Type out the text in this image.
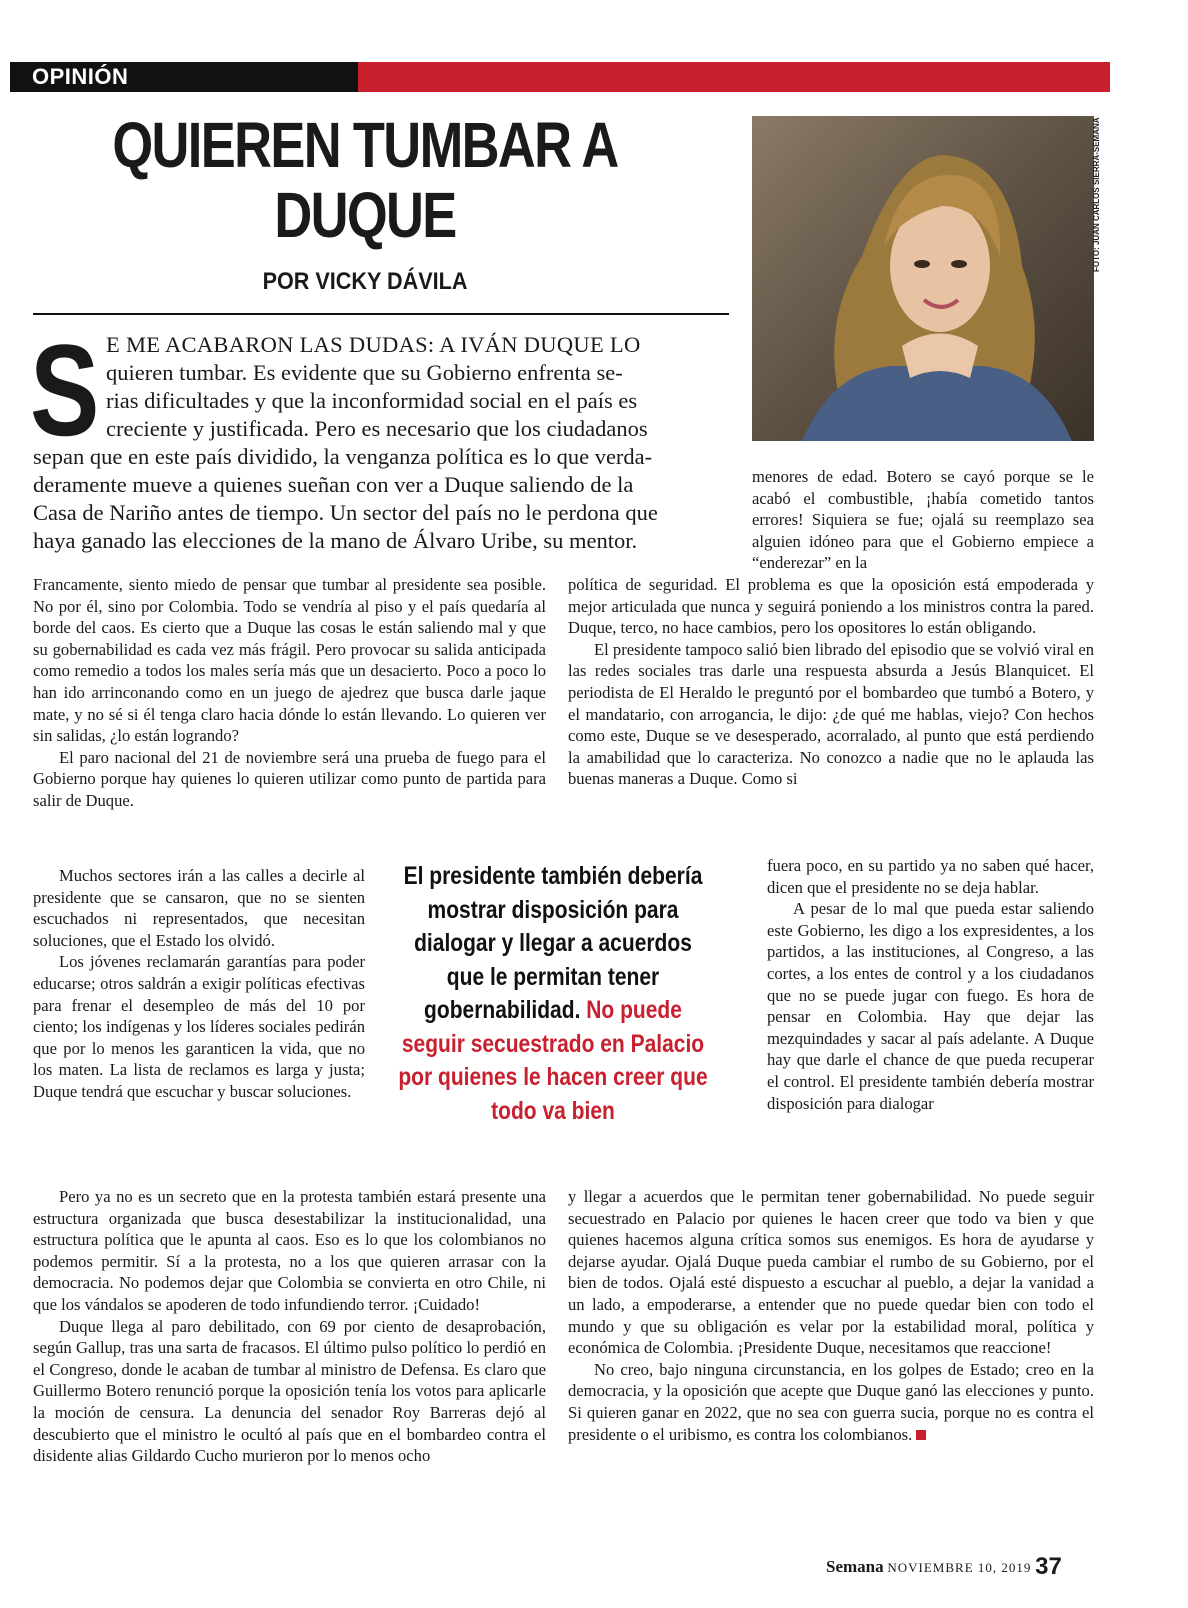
OPINIÓN
QUIEREN TUMBAR A DUQUE
POR VICKY DÁVILA
FOTO: JUAN CARLOS SIERRA-SEMANA
S E ME ACABARON LAS DUDAS: A IVÁN DUQUE LO
quieren tumbar. Es evidente que su Gobierno enfrenta se-
rias dificultades y que la inconformidad social en el país es
creciente y justificada. Pero es necesario que los ciudadanos
sepan que en este país dividido, la venganza política es lo que verda-
deramente mueve a quienes sueñan con ver a Duque saliendo de la
Casa de Nariño antes de tiempo. Un sector del país no le perdona que
haya ganado las elecciones de la mano de Álvaro Uribe, su mentor.

Francamente, siento miedo de pensar que tumbar al presidente sea posible. No por él, sino por Colombia. Todo se vendría al piso y el país quedaría al borde del caos. Es cierto que a Duque las cosas le están saliendo mal y que su gobernabilidad es cada vez más frágil. Pero provocar su salida anticipada como remedio a todos los males sería más que un desacierto. Poco a poco lo han ido arrinconando como en un juego de ajedrez que busca darle jaque mate, y no sé si él tenga claro hacia dónde lo están llevando. Lo quieren ver sin salidas, ¿lo están logrando?

El paro nacional del 21 de noviembre será una prueba de fuego para el Gobierno porque hay quienes lo quieren utilizar como punto de partida para salir de Duque.

Muchos sectores irán a las calles a decirle al presidente que se cansaron, que no se sienten escuchados ni representados, que necesitan soluciones, que el Estado los olvidó.

Los jóvenes reclamarán garantías para poder educarse; otros saldrán a exigir políticas efectivas para frenar el desempleo de más del 10 por ciento; los indígenas y los líderes sociales pedirán que por lo menos les garanticen la vida, que no los maten. La lista de reclamos es larga y justa; Duque tendrá que escuchar y buscar soluciones.

Pero ya no es un secreto que en la protesta también estará presente una estructura organizada que busca desestabilizar la institucionalidad, una estructura política que le apunta al caos. Eso es lo que los colombianos no podemos permitir. Sí a la protesta, no a los que quieren arrasar con la democracia. No podemos dejar que Colombia se convierta en otro Chile, ni que los vándalos se apoderen de todo infundiendo terror. ¡Cuidado!

Duque llega al paro debilitado, con 69 por ciento de desaprobación, según Gallup, tras una sarta de fracasos. El último pulso político lo perdió en el Congreso, donde le acaban de tumbar al ministro de Defensa. Es claro que Guillermo Botero renunció porque la oposición tenía los votos para aplicarle la moción de censura. La denuncia del senador Roy Barreras dejó al descubierto que el ministro le ocultó al país que en el bombardeo contra el disidente alias Gildardo Cucho murieron por lo menos ocho

El presidente también debería mostrar disposición para dialogar y llegar a acuerdos que le permitan tener gobernabilidad. No puede seguir secuestrado en Palacio por quienes le hacen creer que todo va bien

menores de edad. Botero se cayó porque se le acabó el combustible, ¡había cometido tantos errores! Siquiera se fue; ojalá su reemplazo sea alguien idóneo para que el Gobierno empiece a “enderezar” en la

política de seguridad. El problema es que la oposición está empoderada y mejor articulada que nunca y seguirá poniendo a los ministros contra la pared. Duque, terco, no hace cambios, pero los opositores lo están obligando.

El presidente tampoco salió bien librado del episodio que se volvió viral en las redes sociales tras darle una respuesta absurda a Jesús Blanquicet. El periodista de El Heraldo le preguntó por el bombardeo que tumbó a Botero, y el mandatario, con arrogancia, le dijo: ¿de qué me hablas, viejo? Con hechos como este, Duque se ve desesperado, acorralado, al punto que está perdiendo la amabilidad que lo caracteriza. No conozco a nadie que no le aplauda las buenas maneras a Duque. Como si

fuera poco, en su partido ya no saben qué hacer, dicen que el presidente no se deja hablar.

A pesar de lo mal que pueda estar saliendo este Gobierno, les digo a los expresidentes, a los partidos, a las instituciones, al Congreso, a las cortes, a los entes de control y a los ciudadanos que no se puede jugar con fuego. Es hora de pensar en Colombia. Hay que dejar las mezquindades y sacar al país adelante. A Duque hay que darle el chance de que pueda recuperar el control. El presidente también debería mostrar disposición para dialogar

y llegar a acuerdos que le permitan tener gobernabilidad. No puede seguir secuestrado en Palacio por quienes le hacen creer que todo va bien y que quienes hacemos alguna crítica somos sus enemigos. Es hora de ayudarse y dejarse ayudar. Ojalá Duque pueda cambiar el rumbo de su Gobierno, por el bien de todos. Ojalá esté dispuesto a escuchar al pueblo, a dejar la vanidad a un lado, a empoderarse, a entender que no puede quedar bien con todo el mundo y que su obligación es velar por la estabilidad moral, política y económica de Colombia. ¡Presidente Duque, necesitamos que reaccione!

No creo, bajo ninguna circunstancia, en los golpes de Estado; creo en la democracia, y la oposición que acepte que Duque ganó las elecciones y punto. Si quieren ganar en 2022, que no sea con guerra sucia, porque no es contra el presidente o el uribismo, es contra los colombianos.

Semana NOVIEMBRE 10, 2019 37
